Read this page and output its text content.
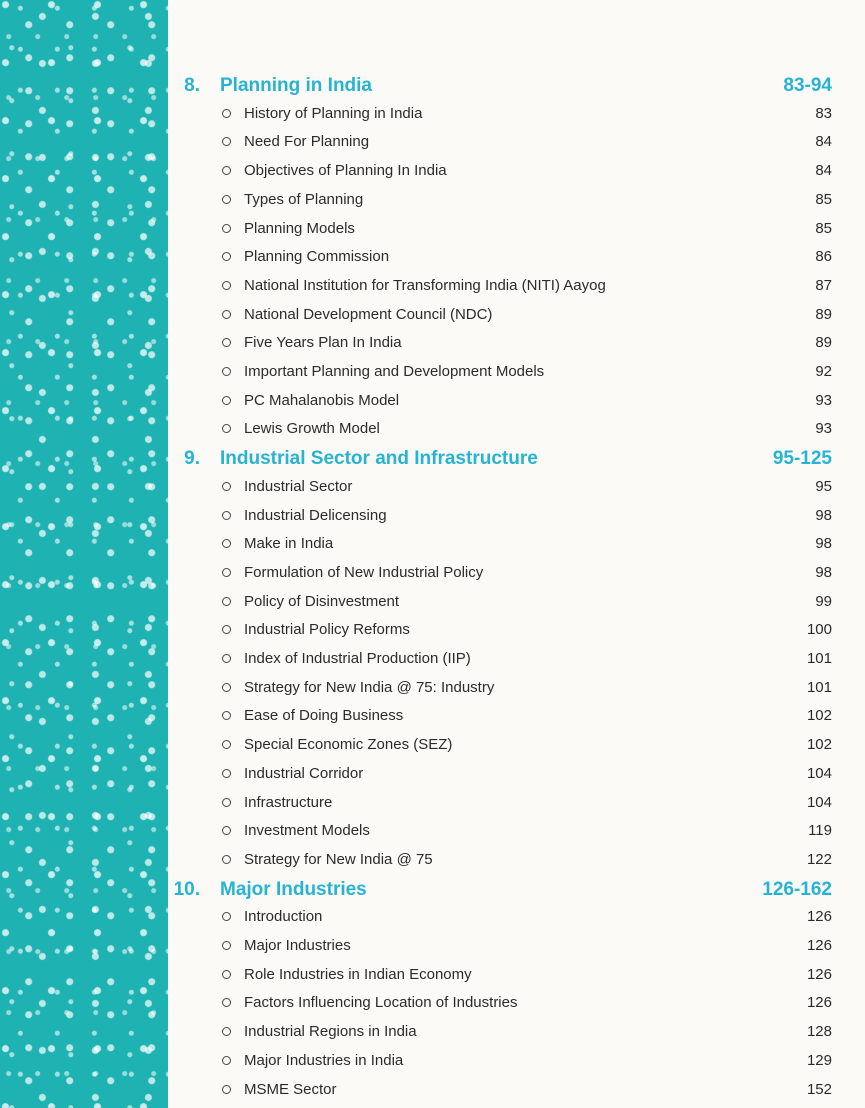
8. Planning in India	83-94
History of Planning in India	83
Need For Planning	84
Objectives of Planning In India	84
Types of Planning	85
Planning Models	85
Planning Commission	86
National Institution for Transforming India (NITI) Aayog	87
National Development Council (NDC)	89
Five Years Plan In India	89
Important Planning and Development Models	92
PC Mahalanobis Model	93
Lewis Growth Model	93
9. Industrial Sector and Infrastructure	95-125
Industrial Sector	95
Industrial Delicensing	98
Make in India	98
Formulation of New Industrial Policy	98
Policy of Disinvestment	99
Industrial Policy Reforms	100
Index of Industrial Production (IIP)	101
Strategy for New India @ 75: Industry	101
Ease of Doing Business	102
Special Economic Zones (SEZ)	102
Industrial Corridor	104
Infrastructure	104
Investment Models	119
Strategy for New India @ 75	122
10. Major Industries	126-162
Introduction	126
Major Industries	126
Role Industries in Indian Economy	126
Factors Influencing Location of Industries	126
Industrial Regions in India	128
Major Industries in India	129
MSME Sector	152
